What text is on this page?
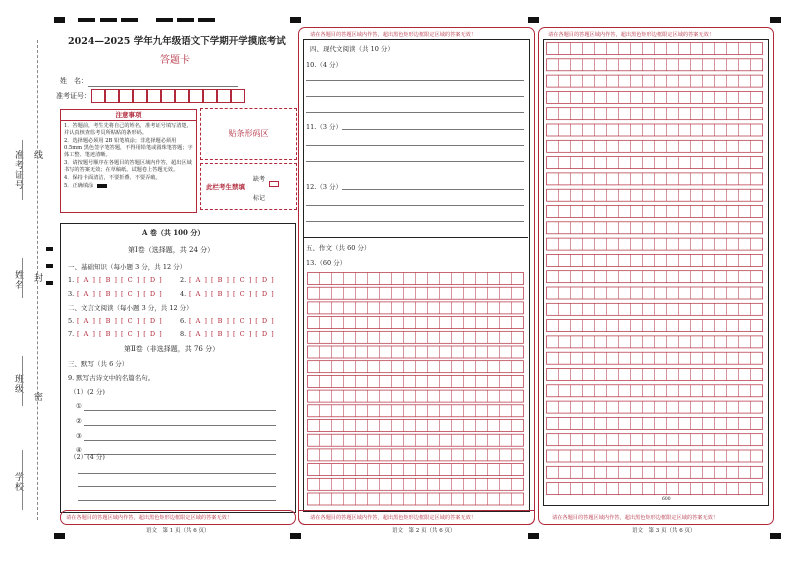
准考证号 线
姓名 封
班级
密
学校
2024—2025 学年九年级语文下学期开学摸底考试
答题卡
姓　名：
准考证号：
注意事项
1．答题前，考生先将自己的姓名，准考证号填写清楚，并认真核查监考员所粘贴的条形码。
2．选择题必须用 2B 铅笔填涂；非选择题必须用 0.5mm 黑色签字笔答题，不得用铅笔或圆珠笔答题；字体工整、笔迹清晰。
3．请按题号顺序在各题目的答题区域内作答，超出区域书写的答案无效；在草稿纸、试题卷上答题无效。
4．保持卡面清洁，不要折叠、不要弄破。
5．正确填涂
贴条形码区
此栏考生禁填
缺考
标记
A 卷（共 100 分）
第Ⅰ卷（选择题，共 24 分）
一、基础知识（每小题 3 分，共 12 分）
1. [ A ] [ B ] [ C ] [ D ]	2. [ A ] [ B ] [ C ] [ D ]
3. [ A ] [ B ] [ C ] [ D ]	4. [ A ] [ B ] [ C ] [ D ]
二、文言文阅读（每小题 3 分，共 12 分）
5. [ A ] [ B ] [ C ] [ D ]	6. [ A ] [ B ] [ C ] [ D ]
7. [ A ] [ B ] [ C ] [ D ]	8. [ A ] [ B ] [ C ] [ D ]
第Ⅱ卷（非选择题，共 76 分）
三、默写（共 6 分）
9. 默写古诗文中的名篇名句。
（1）(2 分)
①
②
③
④
（2）(4 分)
请在各题目的答题区域内作答，超出黑色矩形边框限定区域的答案无效！
语文　第 1 页（共 6 页）
请在各题目的答题区域内作答，超出黑色矩形边框限定区域的答案无效！
四、现代文阅读（共 10 分）
10.（4 分）
11.（3 分）
12.（3 分）
五、作文（共 60 分）
13.（60 分）
请在各题目的答题区域内作答，超出黑色矩形边框限定区域的答案无效！
语文　第 2 页（共 6 页）
请在各题目的答题区域内作答，超出黑色矩形边框限定区域的答案无效！
600
请在各题目的答题区域内作答，超出黑色矩形边框限定区域的答案无效！
语文　第 3 页（共 6 页）
